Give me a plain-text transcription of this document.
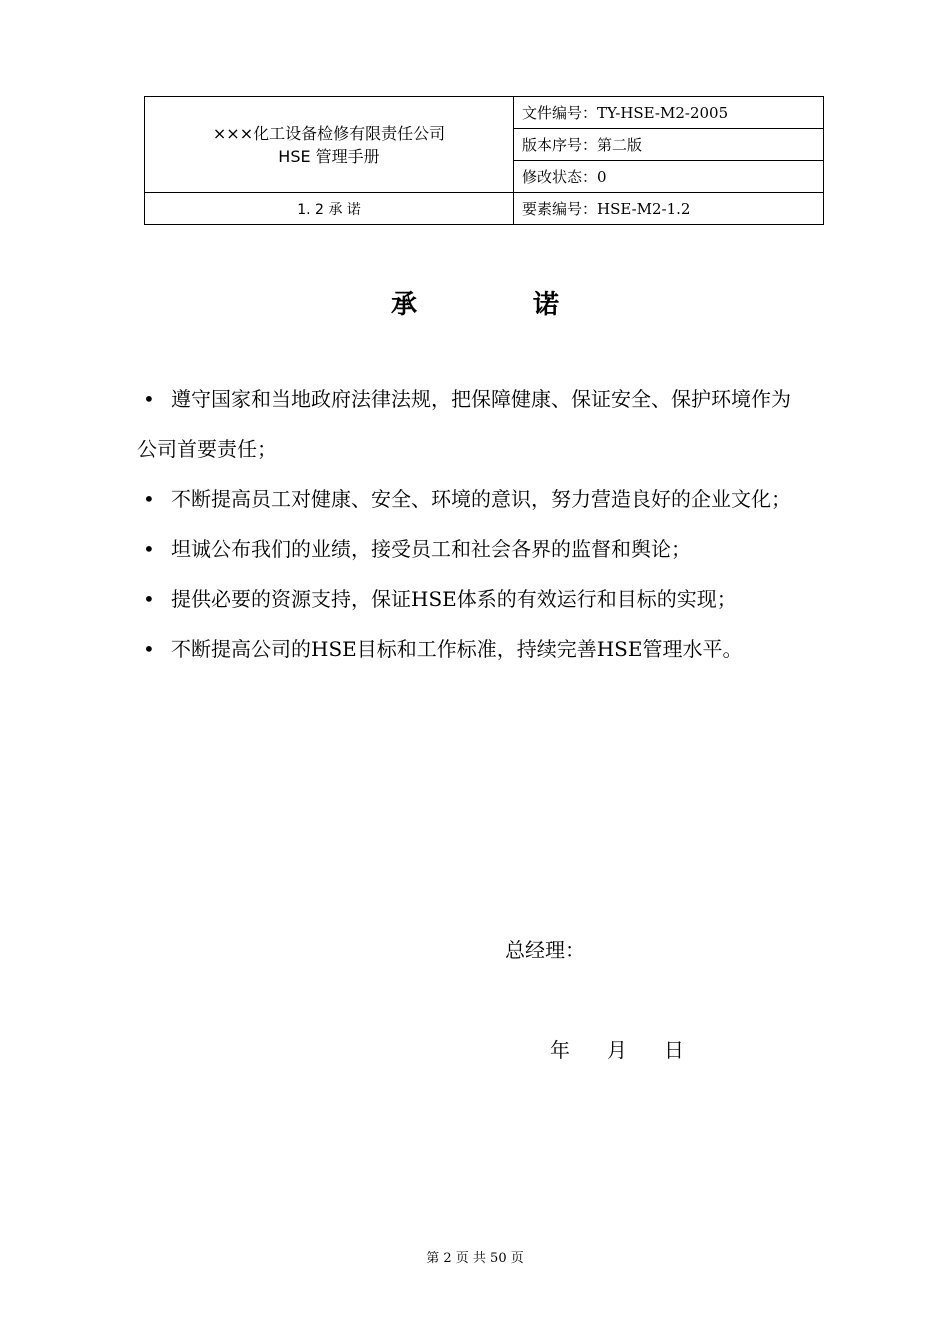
×××化工设备检修有限责任公司
HSE 管理手册	文件编号：TY-HSE-M2-2005
	版本序号：第二版
	修改状态：0
1. 2 承 诺	要素编号：HSE-M2-1.2
承	诺

• 遵守国家和当地政府法律法规，把保障健康、保证安全、保护环境作为公司首要责任；

• 不断提高员工对健康、安全、环境的意识，努力营造良好的企业文化；

• 坦诚公布我们的业绩，接受员工和社会各界的监督和舆论；

• 提供必要的资源支持，保证HSE体系的有效运行和目标的实现；

• 不断提高公司的HSE目标和工作标准，持续完善HSE管理水平。

总经理：
年 月 日
第 2 页 共 50 页
